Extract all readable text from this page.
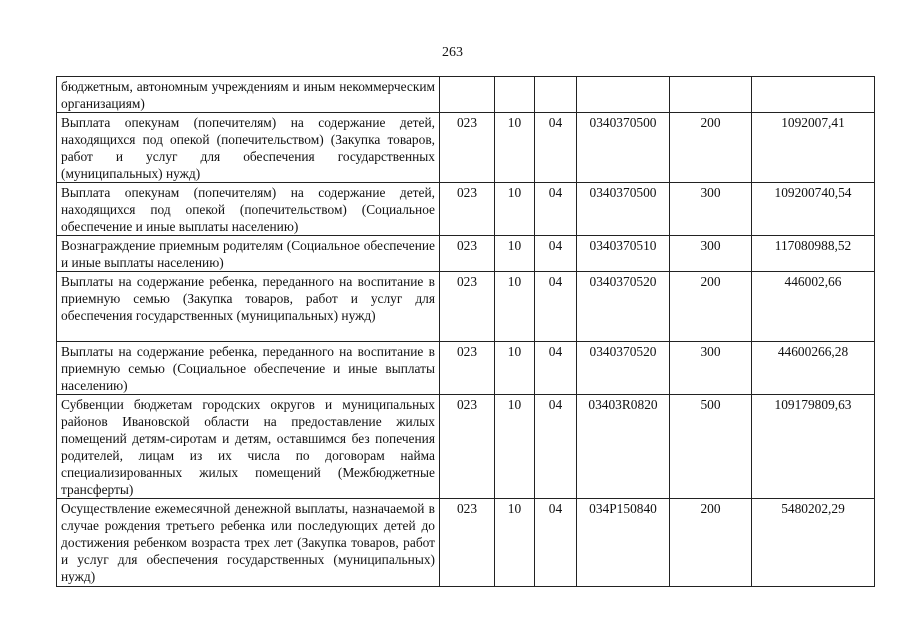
263
бюджетным, автономным учреждениям и иным некоммерческим организациям)						
Выплата опекунам (попечителям) на содержание детей, находящихся под опекой (попечительством) (Закупка товаров, работ и услуг для обеспечения государственных (муниципальных) нужд)	023	10	04	0340370500	200	1092007,41
Выплата опекунам (попечителям) на содержание детей, находящихся под опекой (попечительством) (Социальное обеспечение и иные выплаты населению)	023	10	04	0340370500	300	109200740,54
Вознаграждение приемным родителям (Социальное обеспечение и иные выплаты населению)	023	10	04	0340370510	300	117080988,52
Выплаты на содержание ребенка, переданного на воспитание в приемную семью (Закупка товаров, работ и услуг для обеспечения государственных (муниципальных) нужд)	023	10	04	0340370520	200	446002,66
Выплаты на содержание ребенка, переданного на воспитание в приемную семью (Социальное обеспечение и иные выплаты населению)	023	10	04	0340370520	300	44600266,28
Субвенции бюджетам городских округов и муниципальных районов Ивановской области на предоставление жилых помещений детям-сиротам и детям, оставшимся без попечения родителей, лицам из их числа по договорам найма специализированных жилых помещений (Межбюджетные трансферты)	023	10	04	03403R0820	500	109179809,63
Осуществление ежемесячной денежной выплаты, назначаемой в случае рождения третьего ребенка или последующих детей до достижения ребенком возраста трех лет (Закупка товаров, работ и услуг для обеспечения государственных (муниципальных) нужд)	023	10	04	034P150840	200	5480202,29
